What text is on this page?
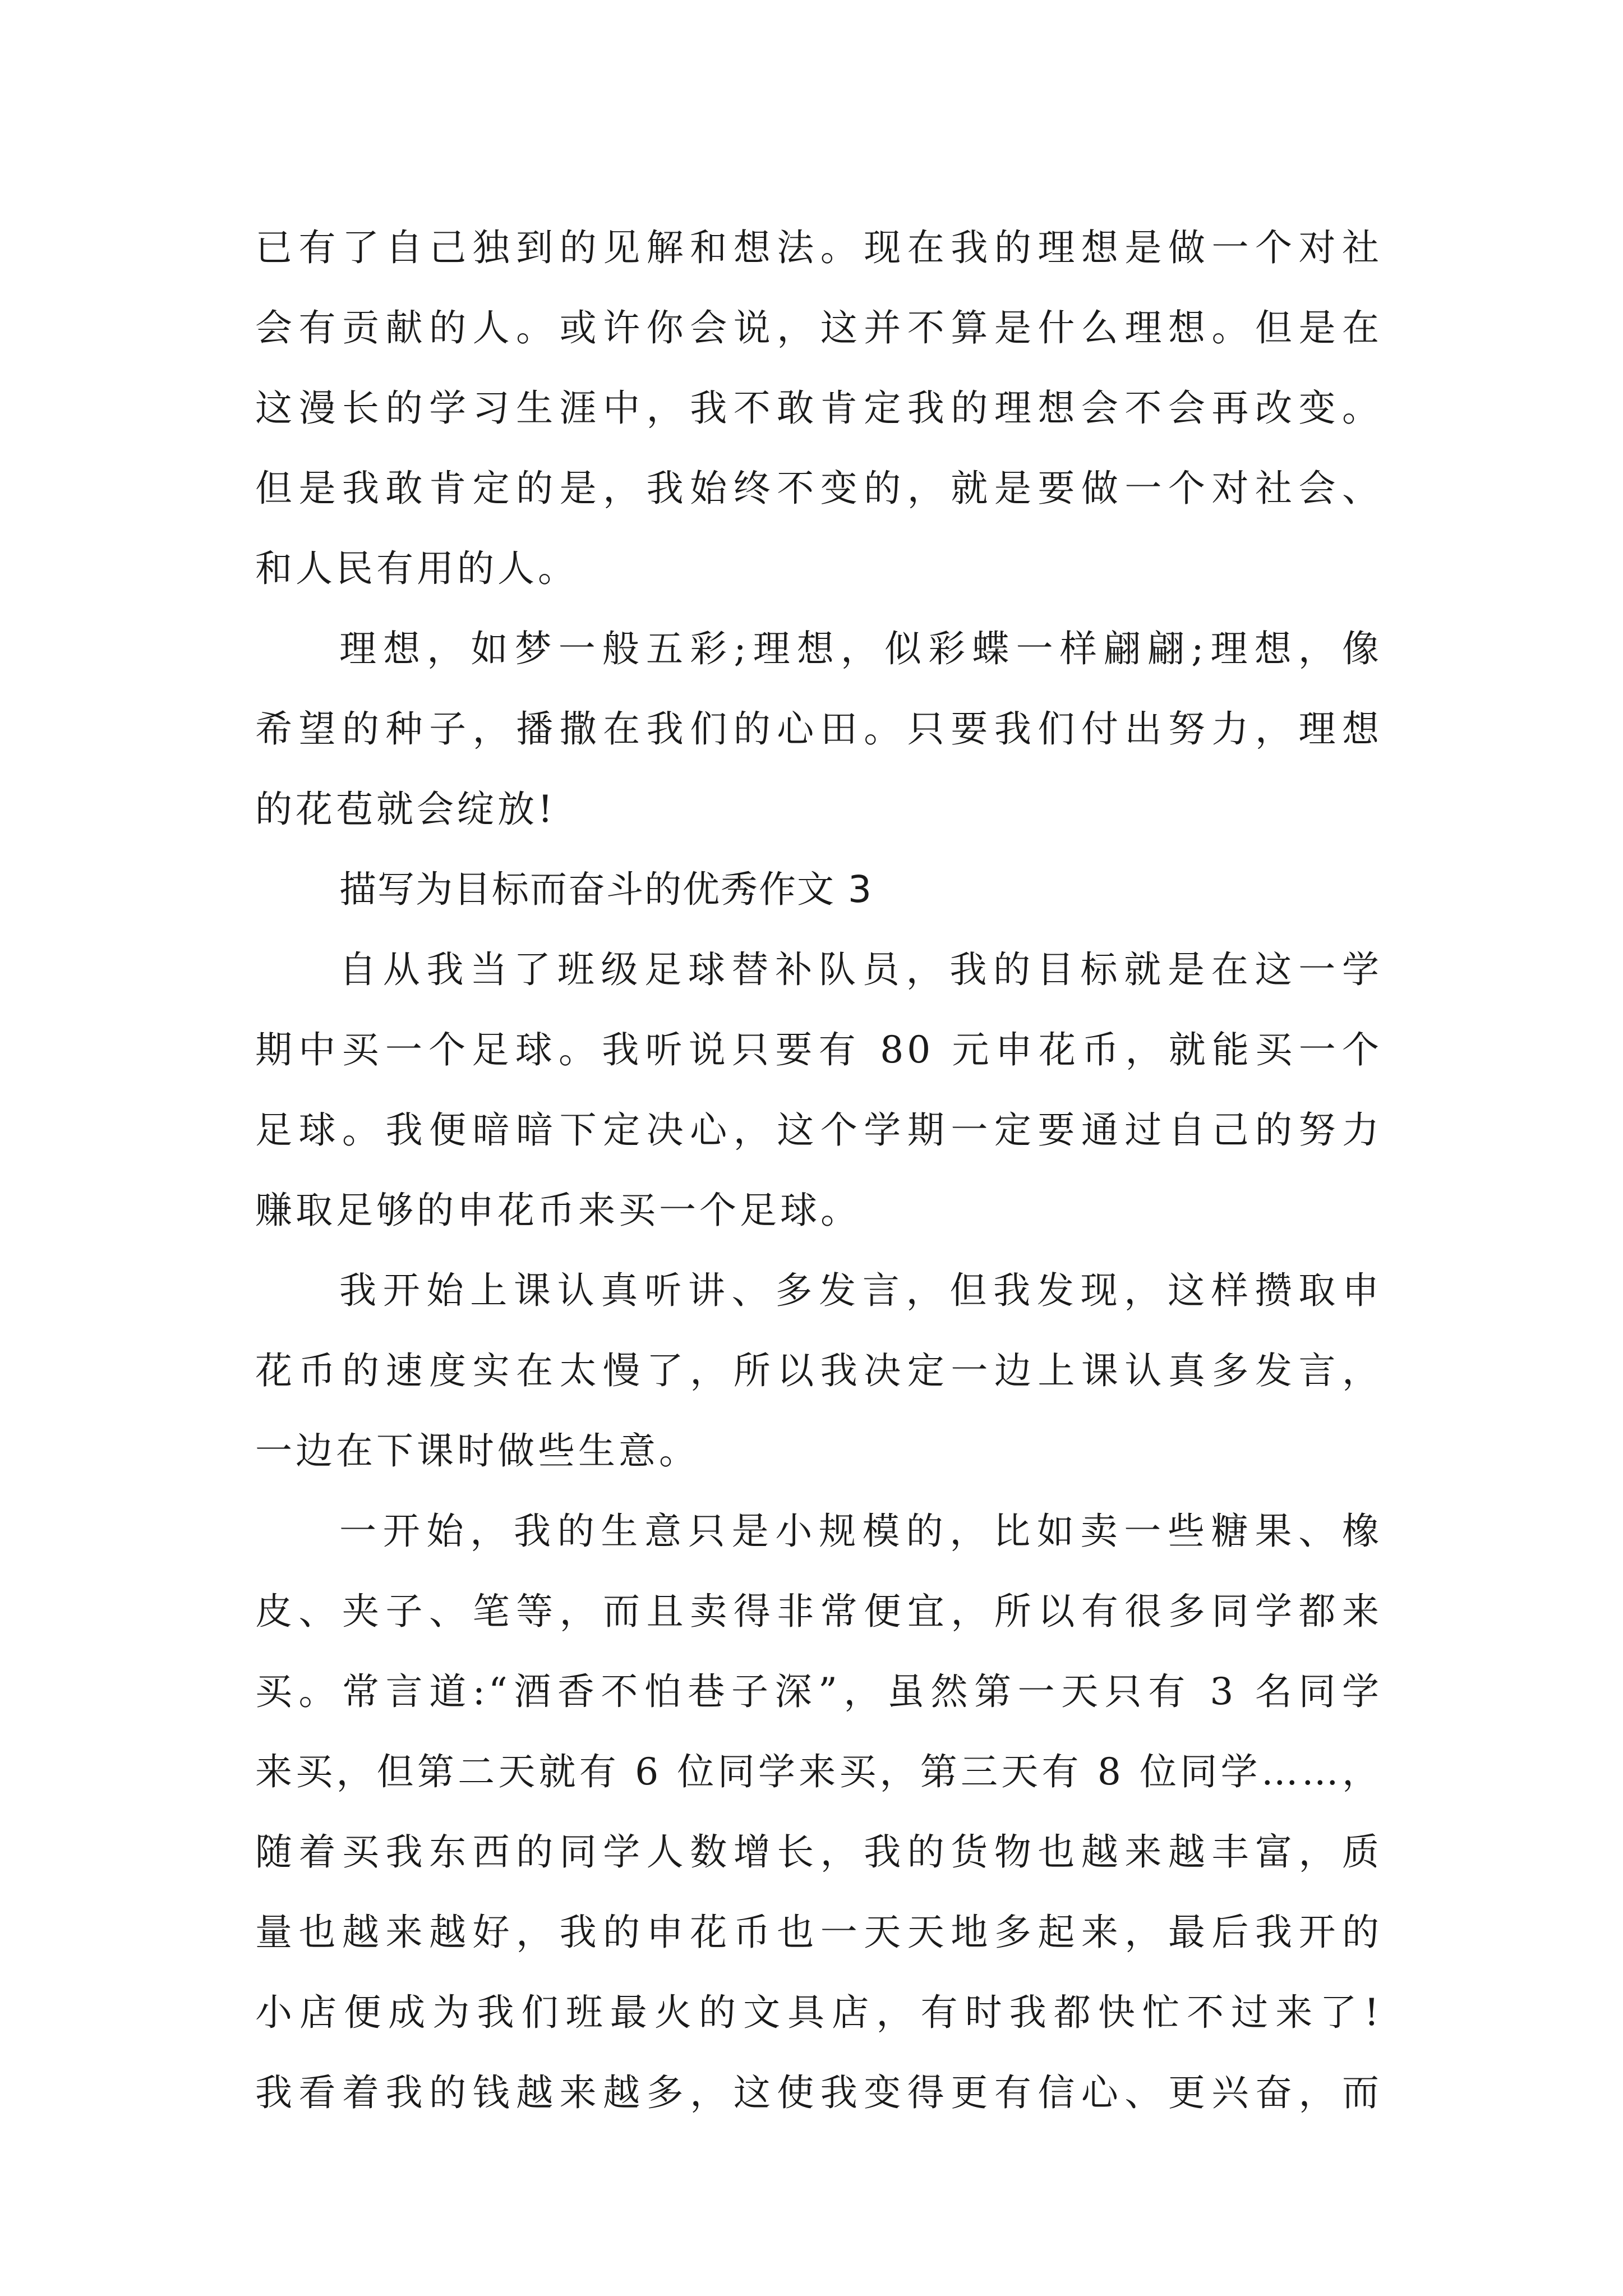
已有了自己独到的见解和想法。现在我的理想是做一个对社
会有贡献的人。或许你会说，这并不算是什么理想。但是在
这漫长的学习生涯中，我不敢肯定我的理想会不会再改变。
但是我敢肯定的是，我始终不变的，就是要做一个对社会、
和人民有用的人。
理想，如梦一般五彩;理想，似彩蝶一样翩翩;理想，像
希望的种子，播撒在我们的心田。只要我们付出努力，理想
的花苞就会绽放!
描写为目标而奋斗的优秀作文 3
自从我当了班级足球替补队员，我的目标就是在这一学
期中买一个足球。我听说只要有 80 元申花币，就能买一个
足球。我便暗暗下定决心，这个学期一定要通过自己的努力
赚取足够的申花币来买一个足球。
我开始上课认真听讲、多发言，但我发现，这样攒取申
花币的速度实在太慢了，所以我决定一边上课认真多发言，
一边在下课时做些生意。
一开始，我的生意只是小规模的，比如卖一些糖果、橡
皮、夹子、笔等，而且卖得非常便宜，所以有很多同学都来
买。常言道:“酒香不怕巷子深”，虽然第一天只有 3 名同学
来买，但第二天就有 6 位同学来买，第三天有 8 位同学……，
随着买我东西的同学人数增长，我的货物也越来越丰富，质
量也越来越好，我的申花币也一天天地多起来，最后我开的
小店便成为我们班最火的文具店，有时我都快忙不过来了!
我看着我的钱越来越多，这使我变得更有信心、更兴奋，而
